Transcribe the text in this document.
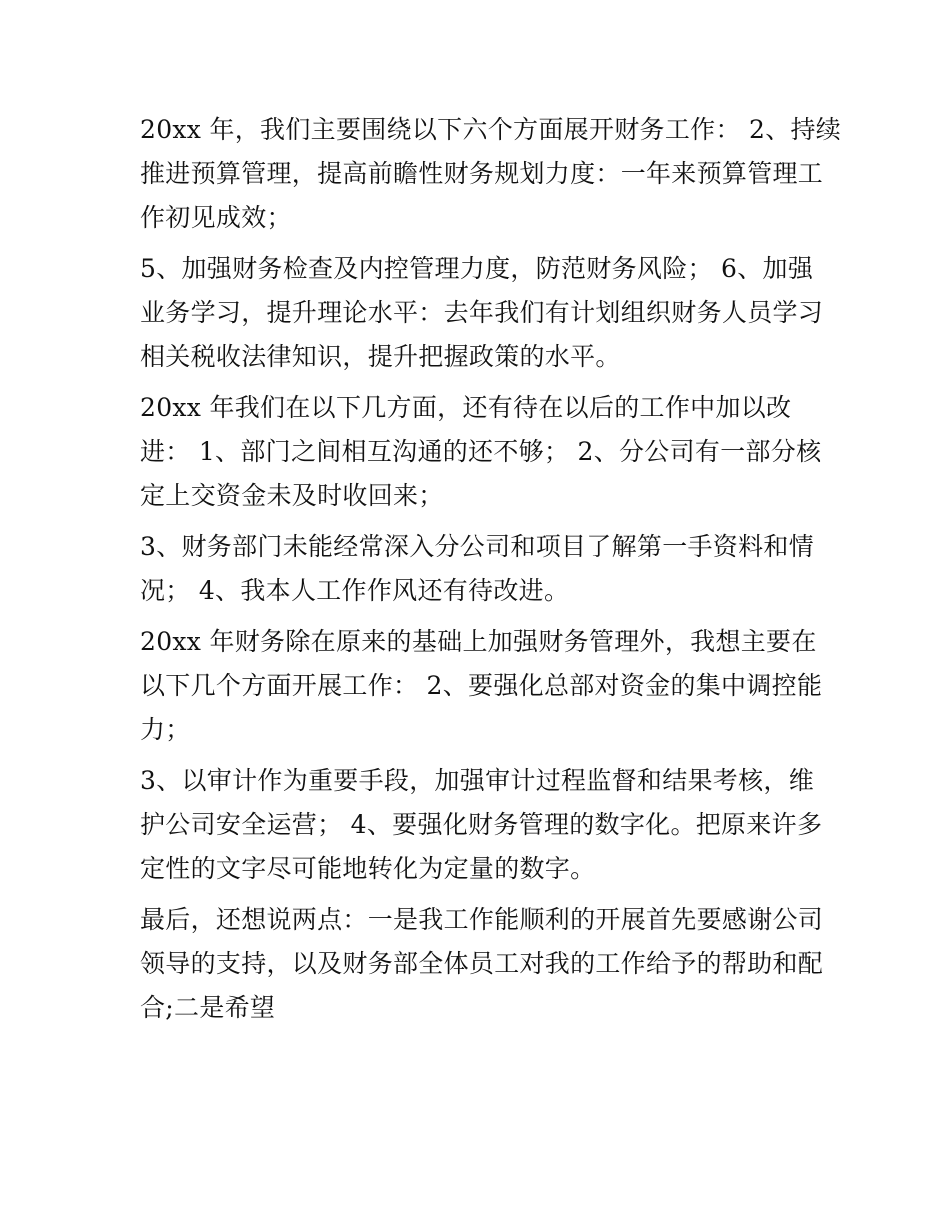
20xx 年，我们主要围绕以下六个方面展开财务工作： 2、持续
推进预算管理，提高前瞻性财务规划力度：一年来预算管理工
作初见成效；

5、加强财务检查及内控管理力度，防范财务风险； 6、加强
业务学习，提升理论水平：去年我们有计划组织财务人员学习
相关税收法律知识，提升把握政策的水平。

20xx 年我们在以下几方面，还有待在以后的工作中加以改
进： 1、部门之间相互沟通的还不够； 2、分公司有一部分核
定上交资金未及时收回来；

3、财务部门未能经常深入分公司和项目了解第一手资料和情
况； 4、我本人工作作风还有待改进。

20xx 年财务除在原来的基础上加强财务管理外，我想主要在
以下几个方面开展工作： 2、要强化总部对资金的集中调控能
力；

3、以审计作为重要手段，加强审计过程监督和结果考核，维
护公司安全运营； 4、要强化财务管理的数字化。把原来许多
定性的文字尽可能地转化为定量的数字。

最后，还想说两点：一是我工作能顺利的开展首先要感谢公司
领导的支持，以及财务部全体员工对我的工作给予的帮助和配
合;二是希望
